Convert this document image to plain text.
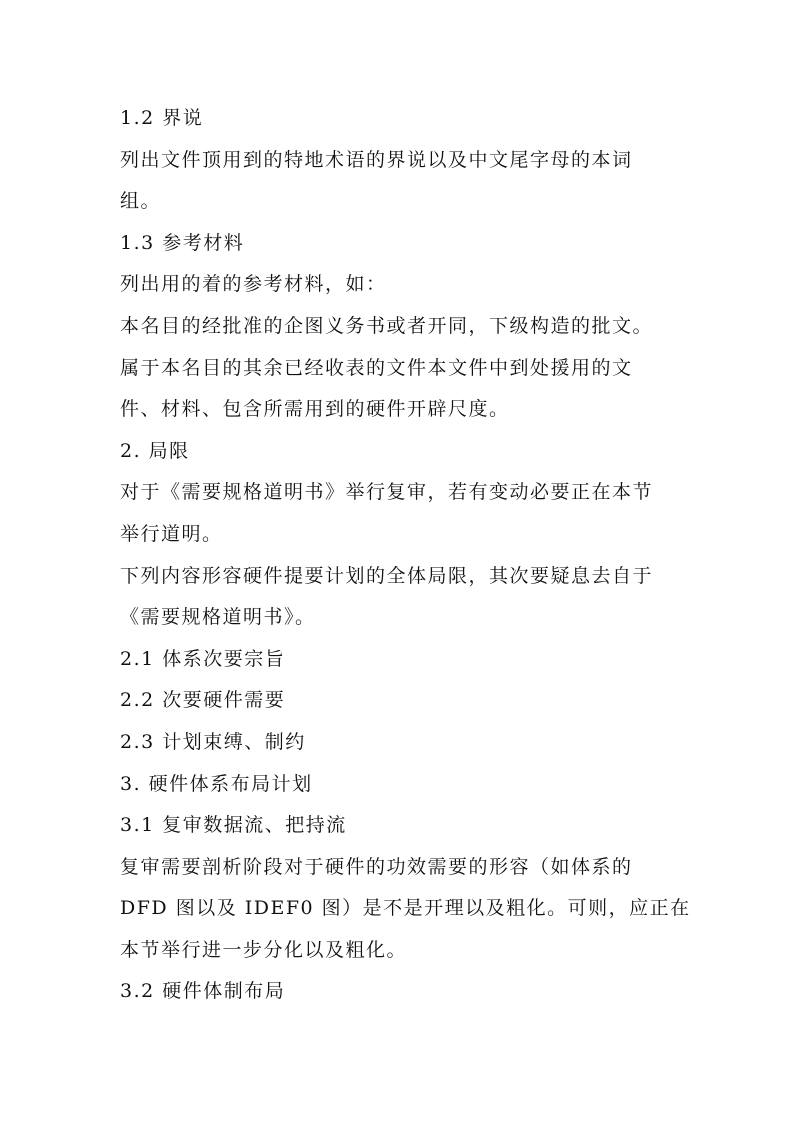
1.2 界说
列出文件顶用到的特地术语的界说以及中文尾字母的本词
组。
1.3 参考材料
列出用的着的参考材料，如：
本名目的经批准的企图义务书或者开同，下级构造的批文。
属于本名目的其余已经收表的文件本文件中到处援用的文
件、材料、包含所需用到的硬件开辟尺度。
2. 局限
对于《需要规格道明书》举行复审，若有变动必要正在本节
举行道明。
下列内容形容硬件提要计划的全体局限，其次要疑息去自于
《需要规格道明书》。
2.1 体系次要宗旨
2.2 次要硬件需要
2.3 计划束缚、制约
3. 硬件体系布局计划
3.1 复审数据流、把持流
复审需要剖析阶段对于硬件的功效需要的形容（如体系的
DFD 图以及 IDEF0 图）是不是开理以及粗化。可则，应正在
本节举行进一步分化以及粗化。
3.2 硬件体制布局
